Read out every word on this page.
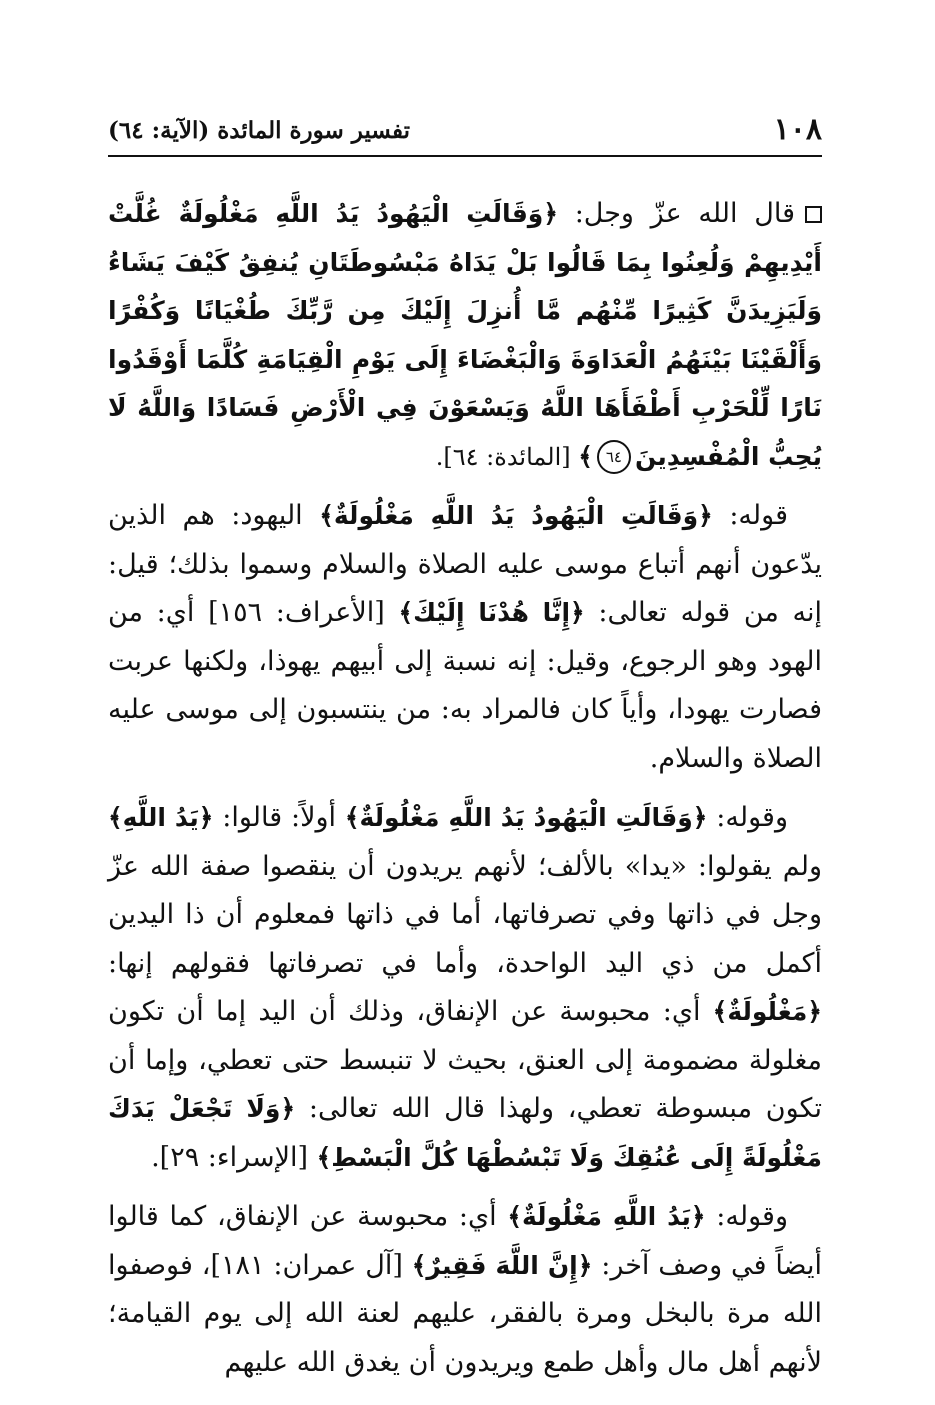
١٠٨
تفسير سورة المائدة (الآية: ٦٤)

قال الله عزّ وجل: ﴿وَقَالَتِ الْيَهُودُ يَدُ اللَّهِ مَغْلُولَةٌ غُلَّتْ أَيْدِيهِمْ وَلُعِنُوا بِمَا قَالُوا بَلْ يَدَاهُ مَبْسُوطَتَانِ يُنفِقُ كَيْفَ يَشَاءُ وَلَيَزِيدَنَّ كَثِيرًا مِّنْهُم مَّا أُنزِلَ إِلَيْكَ مِن رَّبِّكَ طُغْيَانًا وَكُفْرًا وَأَلْقَيْنَا بَيْنَهُمُ الْعَدَاوَةَ وَالْبَغْضَاءَ إِلَى يَوْمِ الْقِيَامَةِ كُلَّمَا أَوْقَدُوا نَارًا لِّلْحَرْبِ أَطْفَأَهَا اللَّهُ وَيَسْعَوْنَ فِي الْأَرْضِ فَسَادًا وَاللَّهُ لَا يُحِبُّ الْمُفْسِدِينَ٦٤﴾ [المائدة: ٦٤].

قوله: ﴿وَقَالَتِ الْيَهُودُ يَدُ اللَّهِ مَغْلُولَةٌ﴾ اليهود: هم الذين يدّعون أنهم أتباع موسى عليه الصلاة والسلام وسموا بذلك؛ قيل: إنه من قوله تعالى: ﴿إِنَّا هُدْنَا إِلَيْكَ﴾ [الأعراف: ١٥٦] أي: من الهود وهو الرجوع، وقيل: إنه نسبة إلى أبيهم يهوذا، ولكنها عربت فصارت يهودا، وأياً كان فالمراد به: من ينتسبون إلى موسى عليه الصلاة والسلام.

وقوله: ﴿وَقَالَتِ الْيَهُودُ يَدُ اللَّهِ مَغْلُولَةٌ﴾ أولاً: قالوا: ﴿يَدُ اللَّهِ﴾ ولم يقولوا: «يدا» بالألف؛ لأنهم يريدون أن ينقصوا صفة الله عزّ وجل في ذاتها وفي تصرفاتها، أما في ذاتها فمعلوم أن ذا اليدين أكمل من ذي اليد الواحدة، وأما في تصرفاتها فقولهم إنها: ﴿مَغْلُولَةٌ﴾ أي: محبوسة عن الإنفاق، وذلك أن اليد إما أن تكون مغلولة مضمومة إلى العنق، بحيث لا تنبسط حتى تعطي، وإما أن تكون مبسوطة تعطي، ولهذا قال الله تعالى: ﴿وَلَا تَجْعَلْ يَدَكَ مَغْلُولَةً إِلَى عُنُقِكَ وَلَا تَبْسُطْهَا كُلَّ الْبَسْطِ﴾ [الإسراء: ٢٩].

وقوله: ﴿يَدُ اللَّهِ مَغْلُولَةٌ﴾ أي: محبوسة عن الإنفاق، كما قالوا أيضاً في وصف آخر: ﴿إِنَّ اللَّهَ فَقِيرٌ﴾ [آل عمران: ١٨١]، فوصفوا الله مرة بالبخل ومرة بالفقر، عليهم لعنة الله إلى يوم القيامة؛ لأنهم أهل مال وأهل طمع ويريدون أن يغدق الله عليهم
